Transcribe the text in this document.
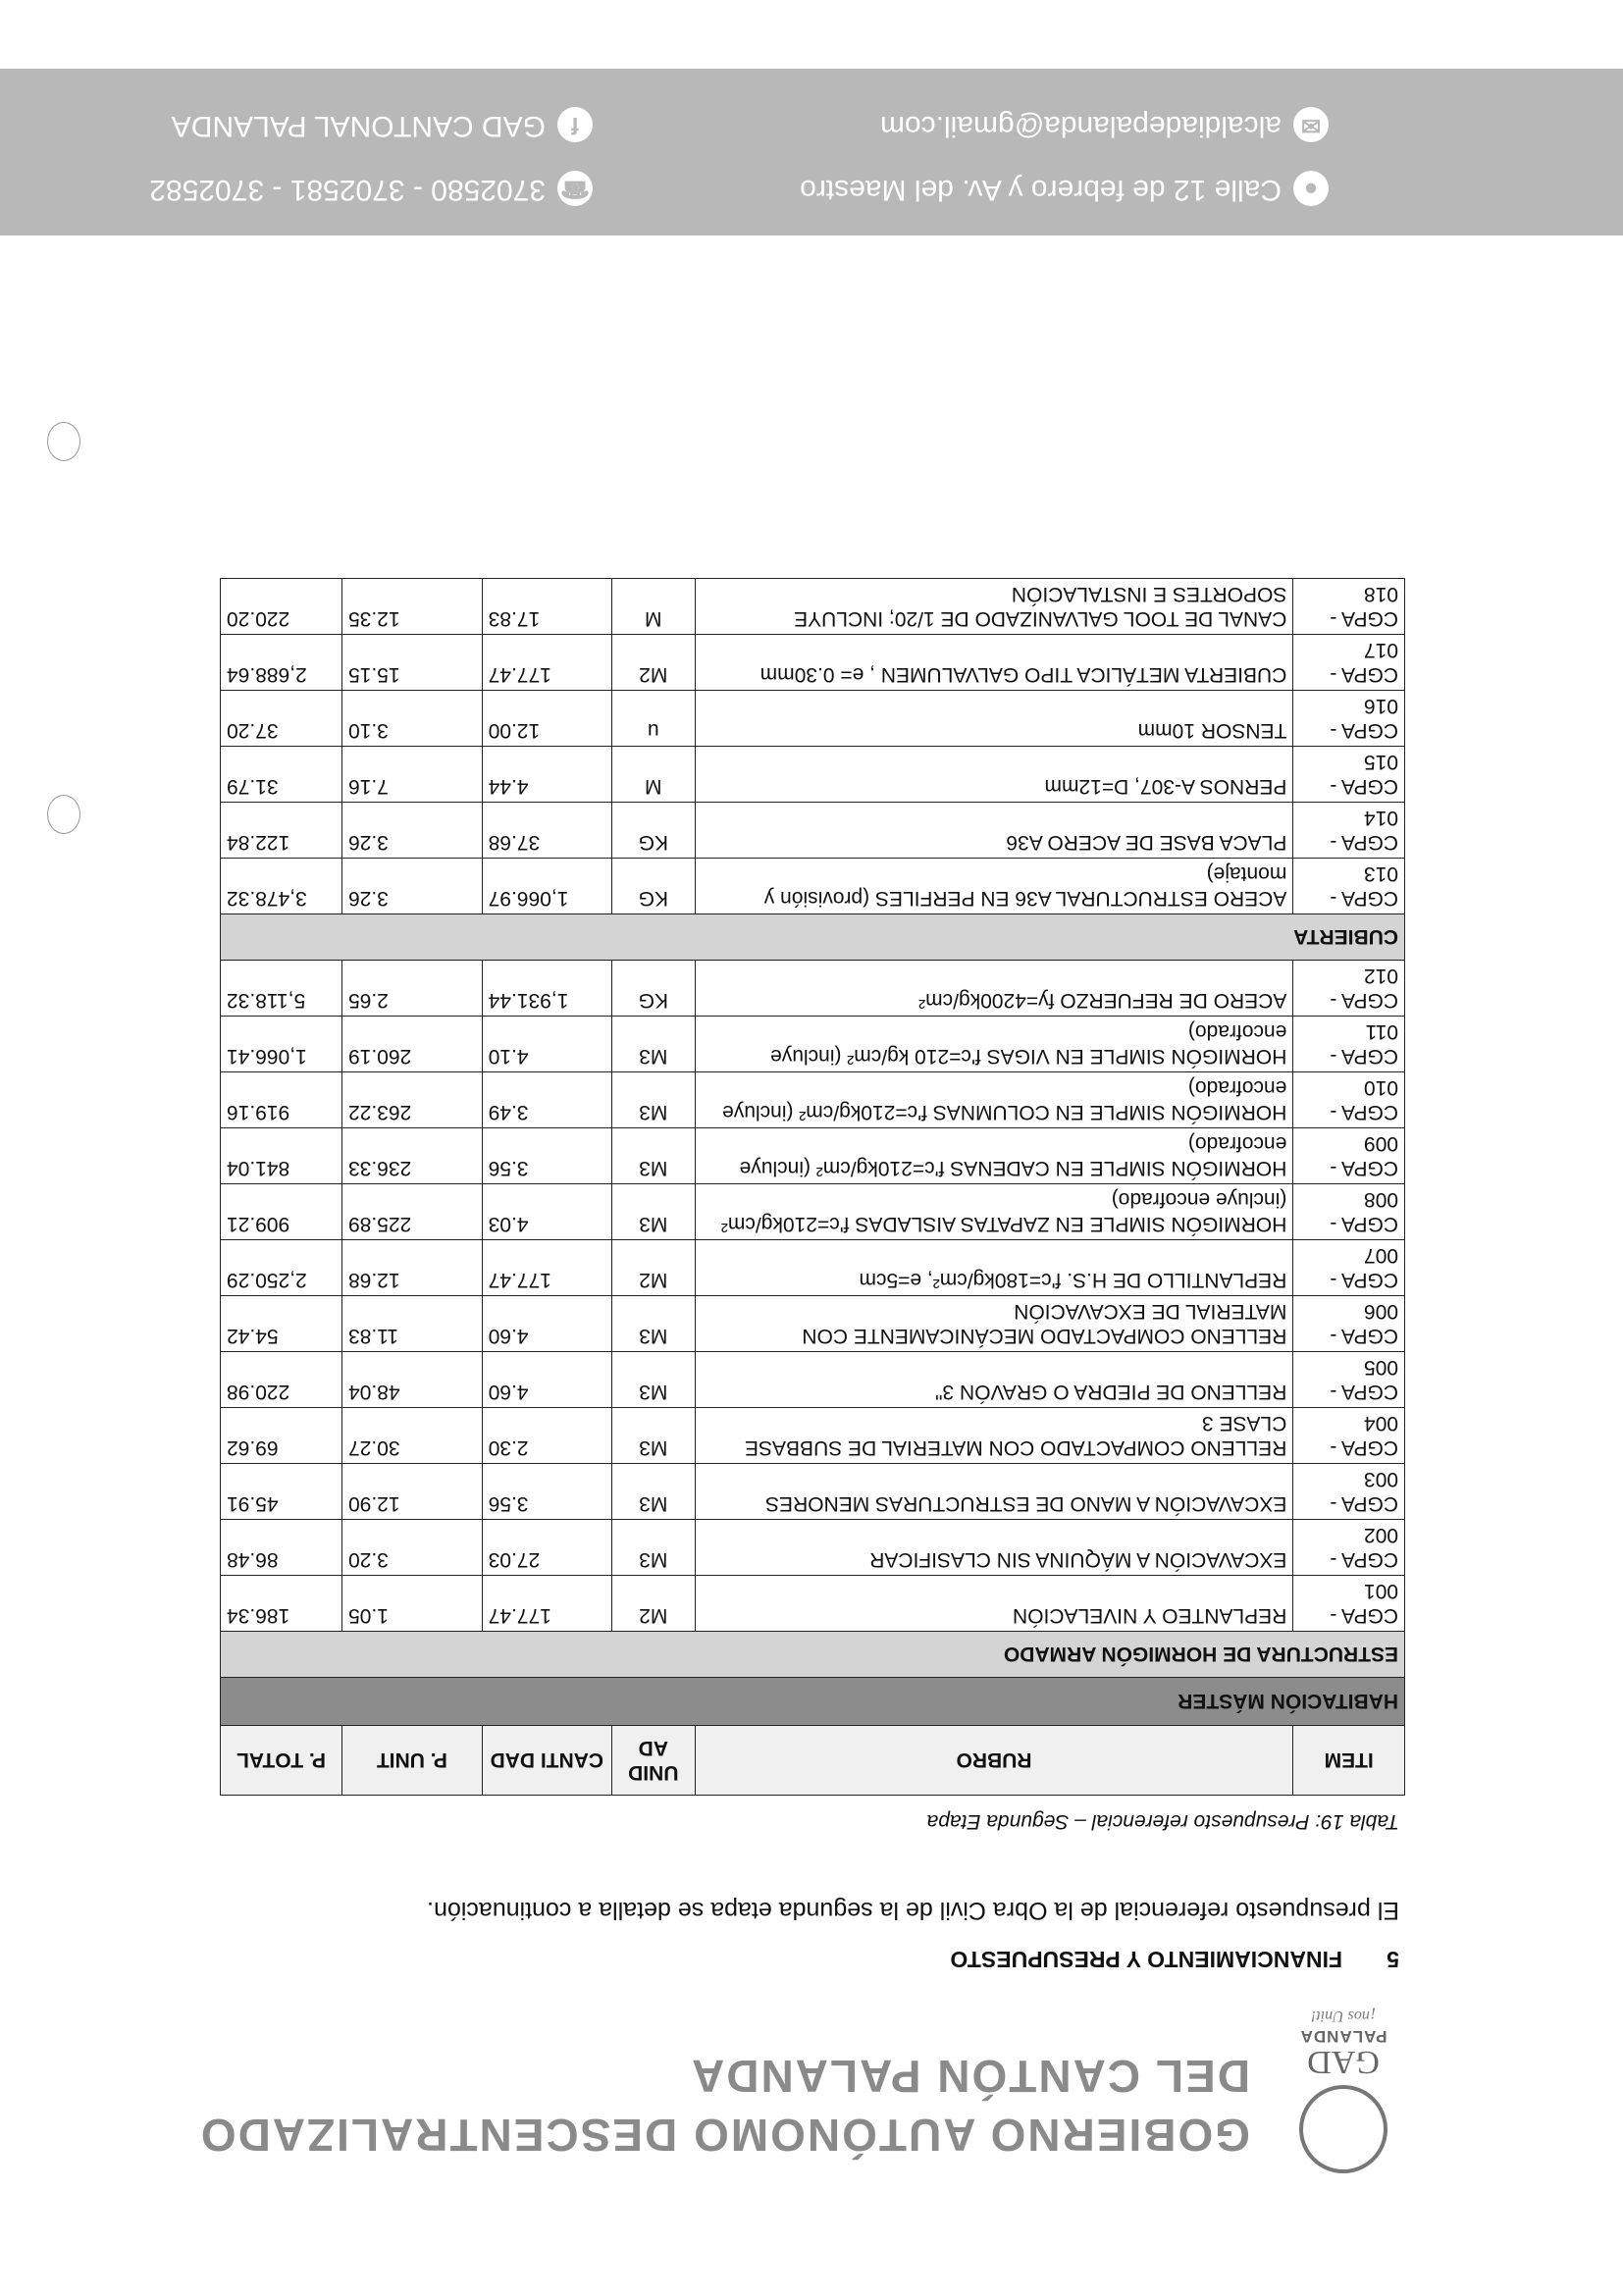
GAD
PALANDA
¡nos Unit!
GOBIERNO AUTÓNOMO DESCENTRALIZADO
DEL CANTÓN PALANDA
5FINANCIAMIENTO Y PRESUPUESTO
El presupuesto referencial de la Obra Civil de la segunda etapa se detalla a continuación.
Tabla 19: Presupuesto referencial – Segunda Etapa
ITEM	RUBRO	UNID AD	CANTI DAD	P. UNIT	P. TOTAL
HABITACIÓN MÁSTER					
ESTRUCTURA DE HORMIGÓN ARMADO					
CGPA - 001	REPLANTEO Y NIVELACIÓN	M2	177.47	1.05	186.34
CGPA - 002	EXCAVACIÓN A MÁQUINA SIN CLASIFICAR	M3	27.03	3.20	86.48
CGPA - 003	EXCAVACIÓN A MANO DE ESTRUCTURAS MENORES	M3	3.56	12.90	45.91
CGPA - 004	RELLENO COMPACTADO CON MATERIAL DE SUBBASE CLASE 3	M3	2.30	30.27	69.62
CGPA - 005	RELLENO DE PIEDRA O GRAVÓN 3"	M3	4.60	48.04	220.98
CGPA - 006	RELLENO COMPACTADO MECÁNICAMENTE CON MATERIAL DE EXCAVACIÓN	M3	4.60	11.83	54.42
CGPA - 007	REPLANTILLO DE H.S. f'c=180kg/cm², e=5cm	M2	177.47	12.68	2,250.29
CGPA - 008	HORMIGÓN SIMPLE EN ZAPATAS AISLADAS f'c=210kg/cm² (incluye encofrado)	M3	4.03	225.89	909.21
CGPA - 009	HORMIGÓN SIMPLE EN CADENAS f'c=210kg/cm² (incluye encofrado)	M3	3.56	236.33	841.04
CGPA - 010	HORMIGÓN SIMPLE EN COLUMNAS f'c=210kg/cm² (incluye encofrado)	M3	3.49	263.22	919.16
CGPA - 011	HORMIGÓN SIMPLE EN VIGAS f'c=210 kg/cm² (incluye encofrado)	M3	4.10	260.19	1,066.41
CGPA - 012	ACERO DE REFUERZO fy=4200kg/cm²	KG	1,931.44	2.65	5,118.32
CUBIERTA					
CGPA - 013	ACERO ESTRUCTURAL A36 EN PERFILES (provisión y montaje)	KG	1,066.97	3.26	3,478.32
CGPA - 014	PLACA BASE DE ACERO A36	KG	37.68	3.26	122.84
CGPA - 015	PERNOS A-307, D=12mm	M	4.44	7.16	31.79
CGPA - 016	TENSOR 10mm	u	12.00	3.10	37.20
CGPA - 017	CUBIERTA METÁLICA TIPO GALVALUMEN , e= 0.30mm	M2	177.47	15.15	2,688.64
CGPA - 018	CANAL DE TOOL GALVANIZADO DE 1/20; INCLUYE SOPORTES E INSTALACIÓN	M	17.83	12.35	220.20
●Calle 12 de febrero y Av. del Maestro
☎3702580 - 3702581 - 3702582
✉alcaldiadepalanda@gmail.com
fGAD CANTONAL PALANDA
